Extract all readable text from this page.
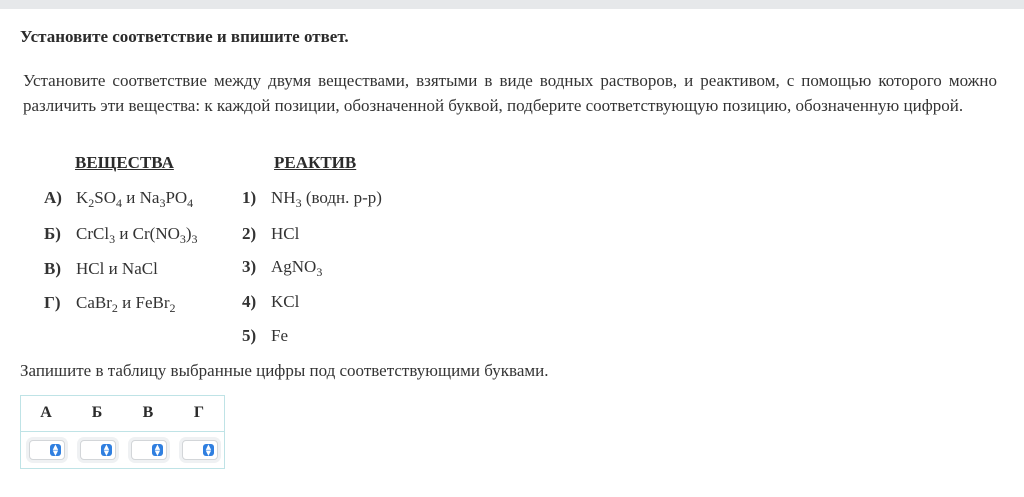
Установите соответствие и впишите ответ.
Установите соответствие между двумя веществами, взятыми в виде водных растворов, и реактивом, с помощью которого можно различить эти вещества: к каждой позиции, обозначенной буквой, подберите соответствующую позицию, обозначенную цифрой.
ВЕЩЕСТВА	РЕАКТИВ
А) $K_2SO_4$ и $Na_3PO_4$
Б) CrCl$_3$ и $Cr(NO_3)_3$
В) HCl и NaCl
Г) CaBr$_2$ и FeBr$_2$
1) $NH_3$ (водн. р-р)
2) HCl
3) AgNO$_3$
4) KCl
5) Fe
Запишите в таблицу выбранные цифры под соответствующими буквами.
А	Б	В	Г
▲
▼
▲
▼
▲
▼
▲
▼
